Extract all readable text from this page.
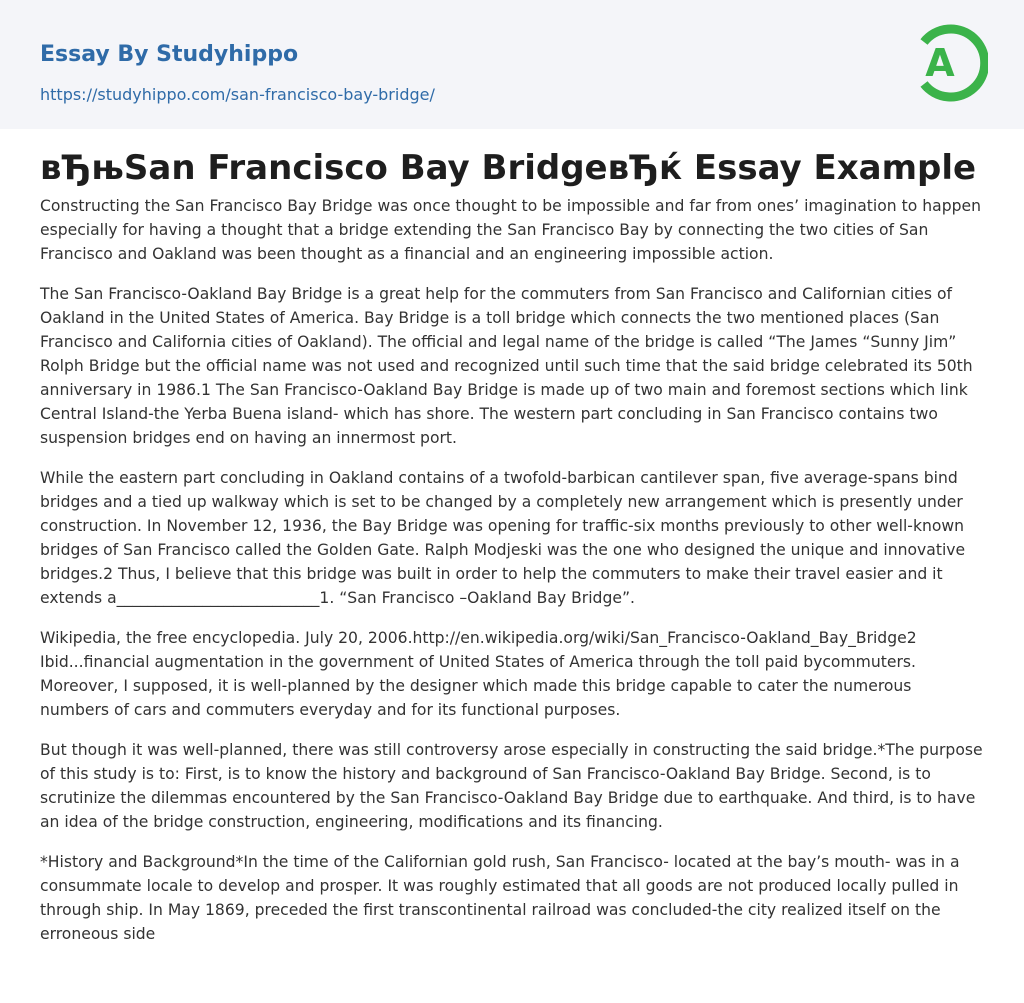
Essay By Studyhippo
https://studyhippo.com/san-francisco-bay-bridge/
A
вЂњSan Francisco Bay BridgeвЂќ Essay Example

Constructing the San Francisco Bay Bridge was once thought to be impossible and far from ones’ imagination to happen especially for having a thought that a bridge extending the San Francisco Bay by connecting the two cities of San Francisco and Oakland was been thought as a financial and an engineering impossible action.

The San Francisco-Oakland Bay Bridge is a great help for the commuters from San Francisco and Californian cities of Oakland in the United States of America. Bay Bridge is a toll bridge which connects the two mentioned places (San Francisco and California cities of Oakland). The official and legal name of the bridge is called “The James “Sunny Jim” Rolph Bridge but the official name was not used and recognized until such time that the said bridge celebrated its 50th anniversary in 1986.1 The San Francisco-Oakland Bay Bridge is made up of two main and foremost sections which link Central Island-the Yerba Buena island- which has shore. The western part concluding in San Francisco contains two suspension bridges end on having an innermost port.

While the eastern part concluding in Oakland contains of a twofold-barbican cantilever span, five average-spans bind bridges and a tied up walkway which is set to be changed by a completely new arrangement which is presently under construction. In November 12, 1936, the Bay Bridge was opening for traffic-six months previously to other well-known bridges of San Francisco called the Golden Gate. Ralph Modjeski was the one who designed the unique and innovative bridges.2 Thus, I believe that this bridge was built in order to help the commuters to make their travel easier and it extends a__________________________1. “San Francisco –Oakland Bay Bridge”.

Wikipedia, the free encyclopedia. July 20, 2006.http://en.wikipedia.org/wiki/San_Francisco-Oakland_Bay_Bridge2 Ibid...financial augmentation in the government of United States of America through the toll paid bycommuters. Moreover, I supposed, it is well-planned by the designer which made this bridge capable to cater the numerous numbers of cars and commuters everyday and for its functional purposes.

But though it was well-planned, there was still controversy arose especially in constructing the said bridge.*The purpose of this study is to: First, is to know the history and background of San Francisco-Oakland Bay Bridge. Second, is to scrutinize the dilemmas encountered by the San Francisco-Oakland Bay Bridge due to earthquake. And third, is to have an idea of the bridge construction, engineering, modifications and its financing.

*History and Background*In the time of the Californian gold rush, San Francisco- located at the bay’s mouth- was in a consummate locale to develop and prosper. It was roughly estimated that all goods are not produced locally pulled in through ship. In May 1869, preceded the first transcontinental railroad was concluded-the city realized itself on the erroneous side
